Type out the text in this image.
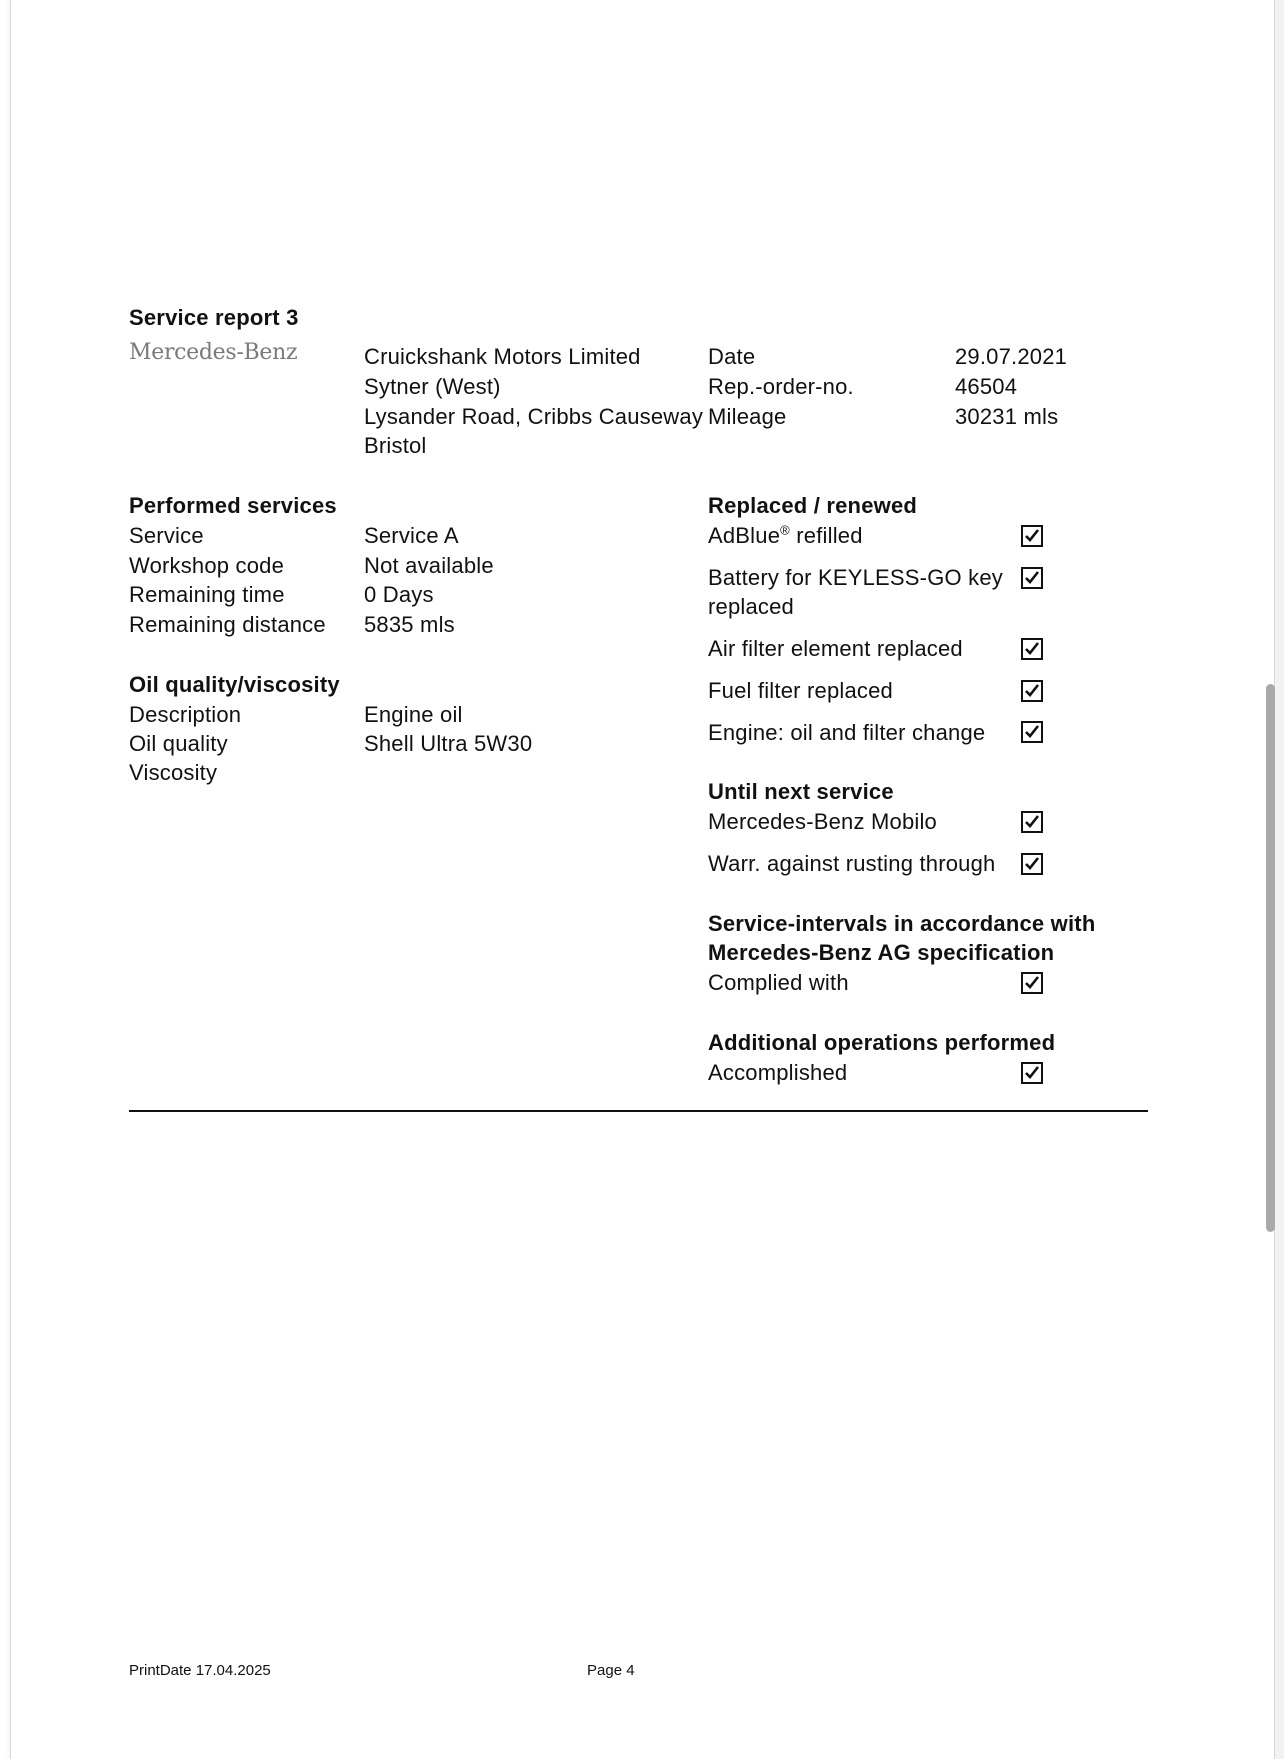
Service report 3
Mercedes-Benz	Cruickshank Motors Limited
Sytner (West)
Lysander Road, Cribbs Causeway
Bristol
Date	29.07.2021
Rep.-order-no.	46504
Mileage	30231 mls
Performed services
Service	Service A
Workshop code	Not available
Remaining time	0 Days
Remaining distance 5835 mls
Oil quality/viscosity
Description	Engine oil
Oil quality	Shell Ultra 5W30
Viscosity
Replaced / renewed
AdBlue® refilled
Battery for KEYLESS-GO key
replaced
Air filter element replaced
Fuel filter replaced
Engine: oil and filter change
Until next service
Mercedes-Benz Mobilo
Warr. against rusting through
Service-intervals in accordance with
Mercedes-Benz AG specification
Complied with
Additional operations performed
Accomplished
PrintDate 17.04.2025	Page 4
